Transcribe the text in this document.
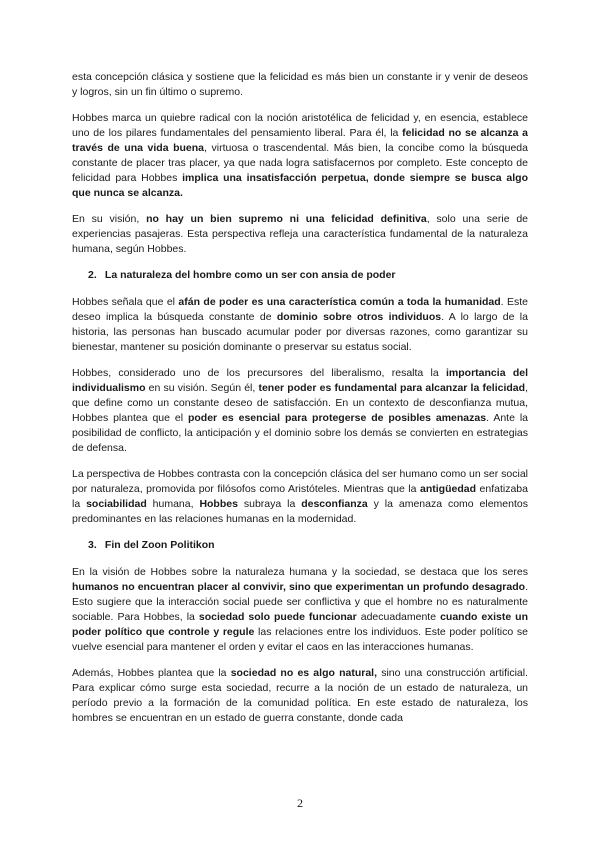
esta concepción clásica y sostiene que la felicidad es más bien un constante ir y venir de deseos y logros, sin un fin último o supremo.

Hobbes marca un quiebre radical con la noción aristotélica de felicidad y, en esencia, establece uno de los pilares fundamentales del pensamiento liberal. Para él, la felicidad no se alcanza a través de una vida buena, virtuosa o trascendental. Más bien, la concibe como la búsqueda constante de placer tras placer, ya que nada logra satisfacernos por completo. Este concepto de felicidad para Hobbes implica una insatisfacción perpetua, donde siempre se busca algo que nunca se alcanza.

En su visión, no hay un bien supremo ni una felicidad definitiva, solo una serie de experiencias pasajeras. Esta perspectiva refleja una característica fundamental de la naturaleza humana, según Hobbes.

2. La naturaleza del hombre como un ser con ansia de poder

Hobbes señala que el afán de poder es una característica común a toda la humanidad. Este deseo implica la búsqueda constante de dominio sobre otros individuos. A lo largo de la historia, las personas han buscado acumular poder por diversas razones, como garantizar su bienestar, mantener su posición dominante o preservar su estatus social.

Hobbes, considerado uno de los precursores del liberalismo, resalta la importancia del individualismo en su visión. Según él, tener poder es fundamental para alcanzar la felicidad, que define como un constante deseo de satisfacción. En un contexto de desconfianza mutua, Hobbes plantea que el poder es esencial para protegerse de posibles amenazas. Ante la posibilidad de conflicto, la anticipación y el dominio sobre los demás se convierten en estrategias de defensa.

La perspectiva de Hobbes contrasta con la concepción clásica del ser humano como un ser social por naturaleza, promovida por filósofos como Aristóteles. Mientras que la antigüedad enfatizaba la sociabilidad humana, Hobbes subraya la desconfianza y la amenaza como elementos predominantes en las relaciones humanas en la modernidad.

3. Fin del Zoon Politikon

En la visión de Hobbes sobre la naturaleza humana y la sociedad, se destaca que los seres humanos no encuentran placer al convivir, sino que experimentan un profundo desagrado. Esto sugiere que la interacción social puede ser conflictiva y que el hombre no es naturalmente sociable. Para Hobbes, la sociedad solo puede funcionar adecuadamente cuando existe un poder político que controle y regule las relaciones entre los individuos. Este poder político se vuelve esencial para mantener el orden y evitar el caos en las interacciones humanas.

Además, Hobbes plantea que la sociedad no es algo natural, sino una construcción artificial. Para explicar cómo surge esta sociedad, recurre a la noción de un estado de naturaleza, un período previo a la formación de la comunidad política. En este estado de naturaleza, los hombres se encuentran en un estado de guerra constante, donde cada

2
